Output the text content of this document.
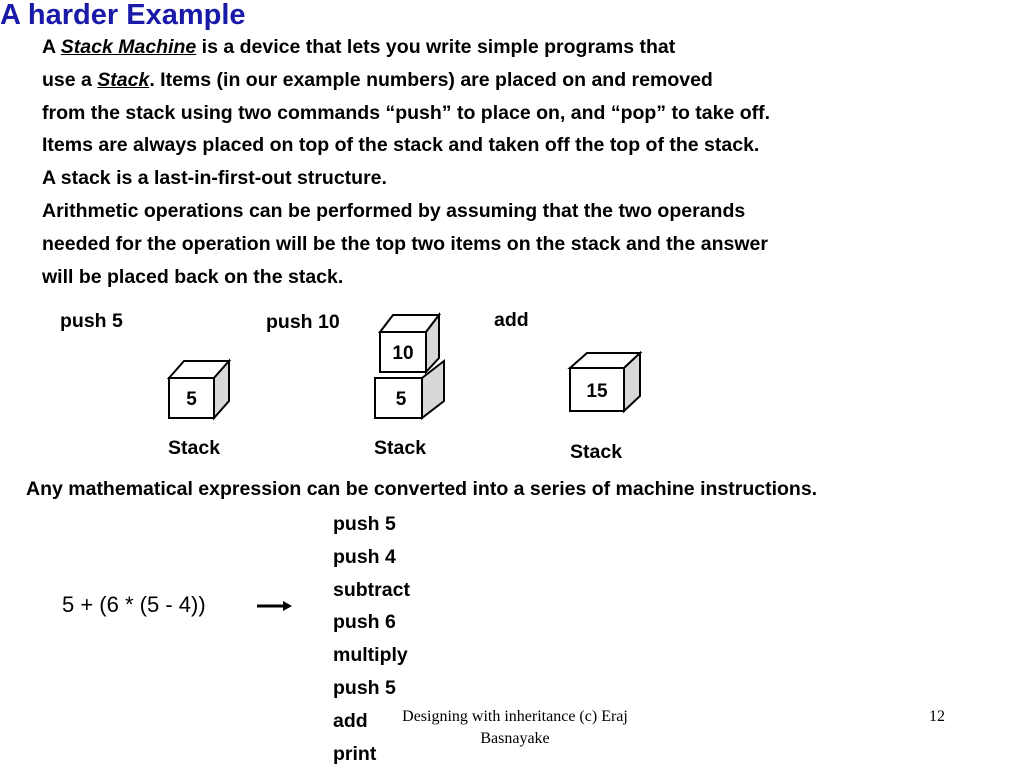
A harder Example
A Stack Machine is a device that lets you write simple programs that
use a Stack. Items (in our example numbers) are placed on and removed
from the stack using two commands “push” to place on, and “pop” to take off.
Items are always placed on top of the stack and taken off the top of the stack.
A stack is a last-in-first-out structure.
Arithmetic operations can be performed by assuming that the two operands
needed for the operation will be the top two items on the stack and the answer
will be placed back on the stack.
push 5
5
Stack
push 10
10
5
Stack
add
15
Stack
Any mathematical expression can be converted into a series of machine instructions.
5 + (6 * (5 - 4))
push 5
push 4
subtract
push 6
multiply
push 5
add
print
Designing with inheritance (c) Eraj Basnayake
12
